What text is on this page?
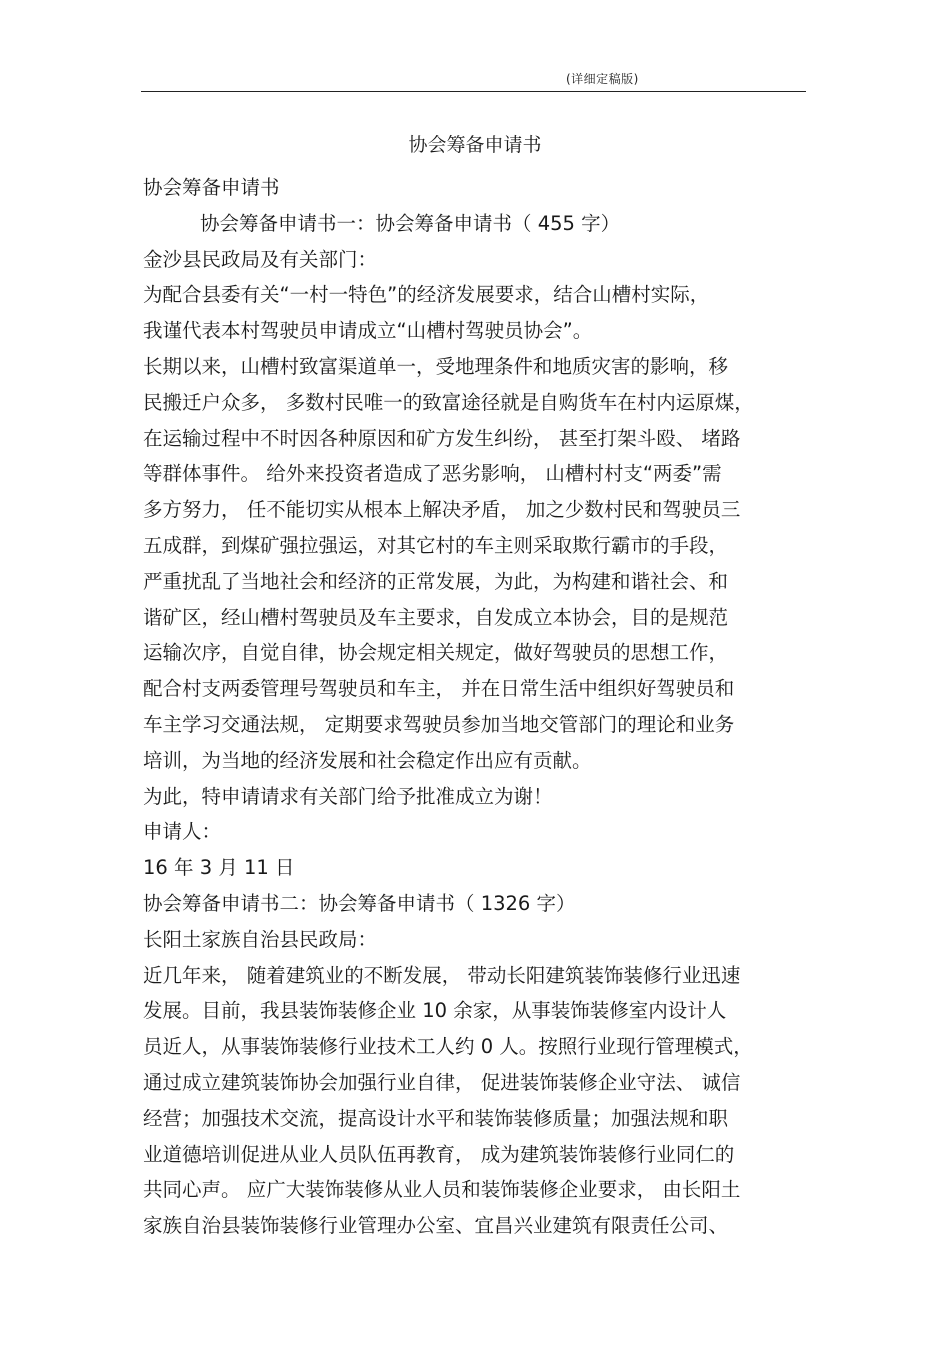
(详细定稿版)
协会筹备申请书
协会筹备申请书
协会筹备申请书一：协会筹备申请书（ 455 字）
金沙县民政局及有关部门：
为配合县委有关“一村一特色”的经济发展要求，结合山槽村实际，
我谨代表本村驾驶员申请成立“山槽村驾驶员协会”。
长期以来，山槽村致富渠道单一，受地理条件和地质灾害的影响，移
民搬迁户众多， 多数村民唯一的致富途径就是自购货车在村内运原煤，
在运输过程中不时因各种原因和矿方发生纠纷， 甚至打架斗殴、 堵路
等群体事件。 给外来投资者造成了恶劣影响， 山槽村村支“两委”需
多方努力， 任不能切实从根本上解决矛盾， 加之少数村民和驾驶员三
五成群，到煤矿强拉强运，对其它村的车主则采取欺行霸市的手段，
严重扰乱了当地社会和经济的正常发展，为此，为构建和谐社会、和
谐矿区，经山槽村驾驶员及车主要求，自发成立本协会，目的是规范
运输次序，自觉自律，协会规定相关规定，做好驾驶员的思想工作，
配合村支两委管理号驾驶员和车主， 并在日常生活中组织好驾驶员和
车主学习交通法规， 定期要求驾驶员参加当地交管部门的理论和业务
培训，为当地的经济发展和社会稳定作出应有贡献。
为此，特申请请求有关部门给予批准成立为谢！
申请人：
16 年 3 月 11 日
协会筹备申请书二：协会筹备申请书（ 1326 字）
长阳土家族自治县民政局：
近几年来， 随着建筑业的不断发展， 带动长阳建筑装饰装修行业迅速
发展。目前，我县装饰装修企业 10 余家，从事装饰装修室内设计人
员近人，从事装饰装修行业技术工人约 0 人。按照行业现行管理模式，
通过成立建筑装饰协会加强行业自律， 促进装饰装修企业守法、 诚信
经营；加强技术交流，提高设计水平和装饰装修质量；加强法规和职
业道德培训促进从业人员队伍再教育， 成为建筑装饰装修行业同仁的
共同心声。 应广大装饰装修从业人员和装饰装修企业要求， 由长阳土
家族自治县装饰装修行业管理办公室、宜昌兴业建筑有限责任公司、
